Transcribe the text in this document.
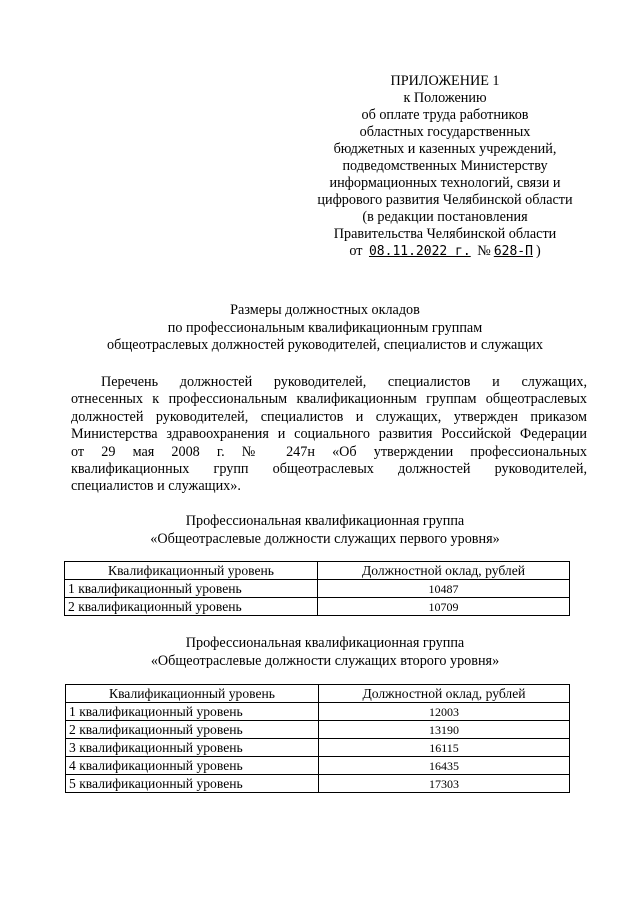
ПРИЛОЖЕНИЕ 1
к Положению
об оплате труда работников
областных государственных
бюджетных и казенных учреждений,
подведомственных Министерству
информационных технологий, связи и
цифрового развития Челябинской области
(в редакции постановления
Правительства Челябинской области
от 08.11.2022 г. № 628-П )
Размеры должностных окладов
по профессиональным квалификационным группам
общеотраслевых должностей руководителей, специалистов и служащих
Перечень должностей руководителей, специалистов и служащих,
отнесенных к профессиональным квалификационным группам общеотраслевых
должностей руководителей, специалистов и служащих, утвержден приказом
Министерства здравоохранения и социального развития Российской Федерации
от 29 мая 2008 г. № 247н «Об утверждении профессиональных
квалификационных групп общеотраслевых должностей руководителей,
специалистов и служащих».
Профессиональная квалификационная группа
«Общеотраслевые должности служащих первого уровня»
Квалификационный уровень	Должностной оклад, рублей
1 квалификационный уровень	10487
2 квалификационный уровень	10709
Профессиональная квалификационная группа
«Общеотраслевые должности служащих второго уровня»
Квалификационный уровень	Должностной оклад, рублей
1 квалификационный уровень	12003
2 квалификационный уровень	13190
3 квалификационный уровень	16115
4 квалификационный уровень	16435
5 квалификационный уровень	17303
